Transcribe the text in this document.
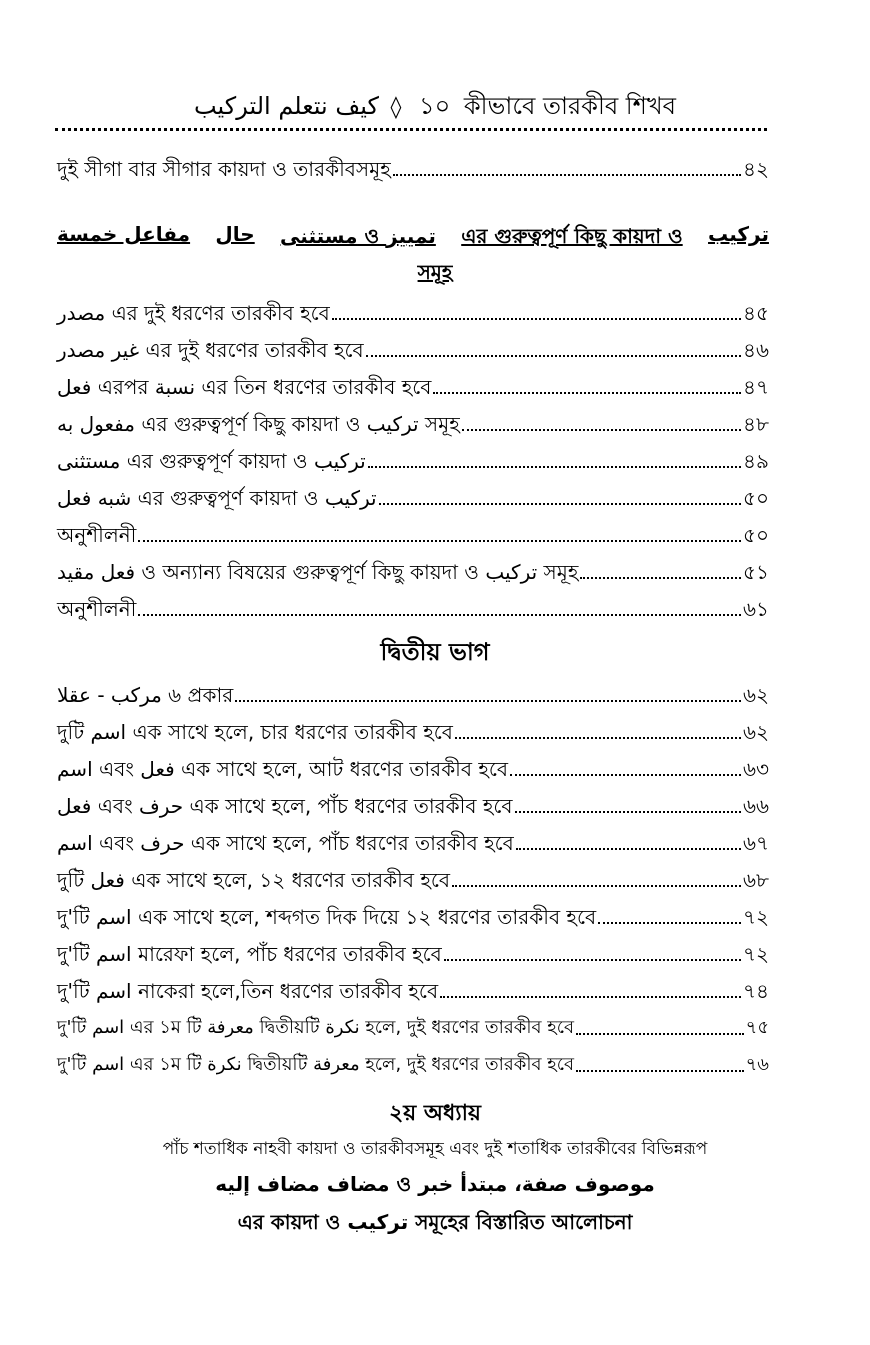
كيف نتعلم التركيب ◊ ১০ কীভাবে তারকীব শিখব
দুই সীগা বার সীগার কায়দা ও তারকীবসমূহ	৪২
مفاعل خمسة حال مستثنى ও تمييز এর গুরুত্বপূর্ণ কিছু কায়দা ও تركيب
সমূহ
مصدر এর দুই ধরণের তারকীব হবে	৪৫
غير مصدر এর দুই ধরণের তারকীব হবে	৪৬
فعل এরপর نسبة এর তিন ধরণের তারকীব হবে	৪৭
مفعول به এর গুরুত্বপূর্ণ কিছু কায়দা ও تركيب সমূহ	৪৮
مستثنى এর গুরুত্বপূর্ণ কায়দা ও تركيب	৪৯
شبه فعل এর গুরুত্বপূর্ণ কায়দা ও تركيب	৫০
অনুশীলনী	৫০
فعل مقيد ও অন্যান্য বিষয়ের গুরুত্বপূর্ণ কিছু কায়দা ও تركيب সমূহ	৫১
অনুশীলনী	৬১
দ্বিতীয় ভাগ
مركب - عقلا ৬ প্রকার	৬২
দুটি اسم এক সাথে হলে, চার ধরণের তারকীব হবে	৬২
اسم এবং فعل এক সাথে হলে, আট ধরণের তারকীব হবে	৬৩
فعل এবং حرف এক সাথে হলে, পাঁচ ধরণের তারকীব হবে	৬৬
اسم এবং حرف এক সাথে হলে, পাঁচ ধরণের তারকীব হবে	৬৭
দুটি فعل এক সাথে হলে, ১২ ধরণের তারকীব হবে	৬৮
দু'টি اسم এক সাথে হলে, শব্দগত দিক দিয়ে ১২ ধরণের তারকীব হবে	৭২
দু'টি اسم মারেফা হলে, পাঁচ ধরণের তারকীব হবে	৭২
দু'টি اسم নাকেরা হলে,তিন ধরণের তারকীব হবে	৭৪
দু'টি اسم এর ১ম টি معرفة দ্বিতীয়টি نكرة হলে, দুই ধরণের তারকীব হবে	৭৫
দু'টি اسم এর ১ম টি نكرة দ্বিতীয়টি معرفة হলে, দুই ধরণের তারকীব হবে	৭৬
২য় অধ্যায়
পাঁচ শতাধিক নাহবী কায়দা ও তারকীবসমূহ এবং দুই শতাধিক তারকীবের বিভিন্নরূপ
مضاف مضاف إليه ও موصوف صفة، مبتدأ خبر
এর কায়দা ও تركيب সমূহের বিস্তারিত আলোচনা
